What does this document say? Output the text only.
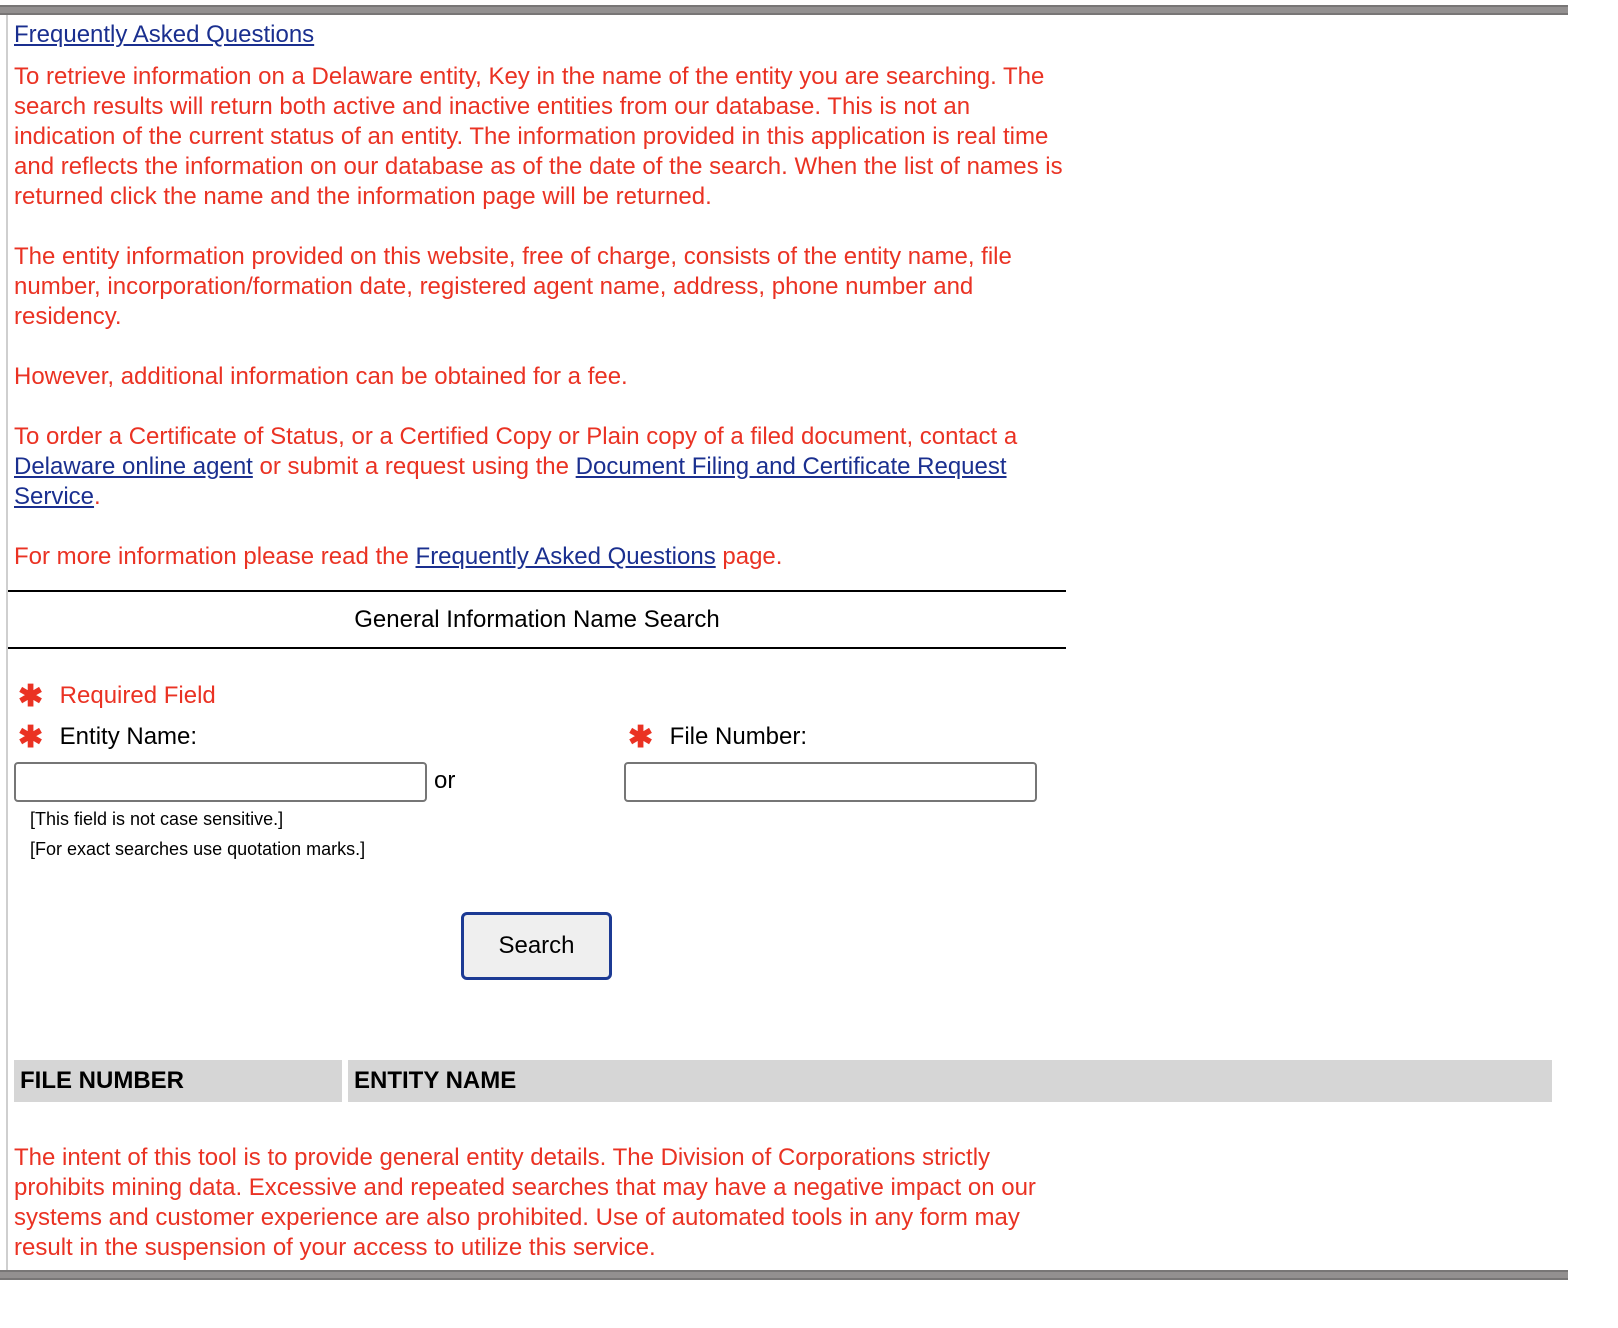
Frequently Asked Questions

To retrieve information on a Delaware entity, Key in the name of the entity you are searching. The search results will return both active and inactive entities from our database. This is not an indication of the current status of an entity. The information provided in this application is real time and reflects the information on our database as of the date of the search. When the list of names is returned click the name and the information page will be returned.

The entity information provided on this website, free of charge, consists of the entity name, file number, incorporation/formation date, registered agent name, address, phone number and residency.

However, additional information can be obtained for a fee.

To order a Certificate of Status, or a Certified Copy or Plain copy of a filed document, contact a Delaware online agent or submit a request using the Document Filing and Certificate Request Service.

For more information please read the Frequently Asked Questions page.

General Information Name Search
✱ Required Field
✱ Entity Name:	✱ File Number:
or
[This field is not case sensitive.]
[For exact searches use quotation marks.]
Search
FILE NUMBER	ENTITY NAME

The intent of this tool is to provide general entity details. The Division of Corporations strictly prohibits mining data. Excessive and repeated searches that may have a negative impact on our systems and customer experience are also prohibited. Use of automated tools in any form may result in the suspension of your access to utilize this service.
